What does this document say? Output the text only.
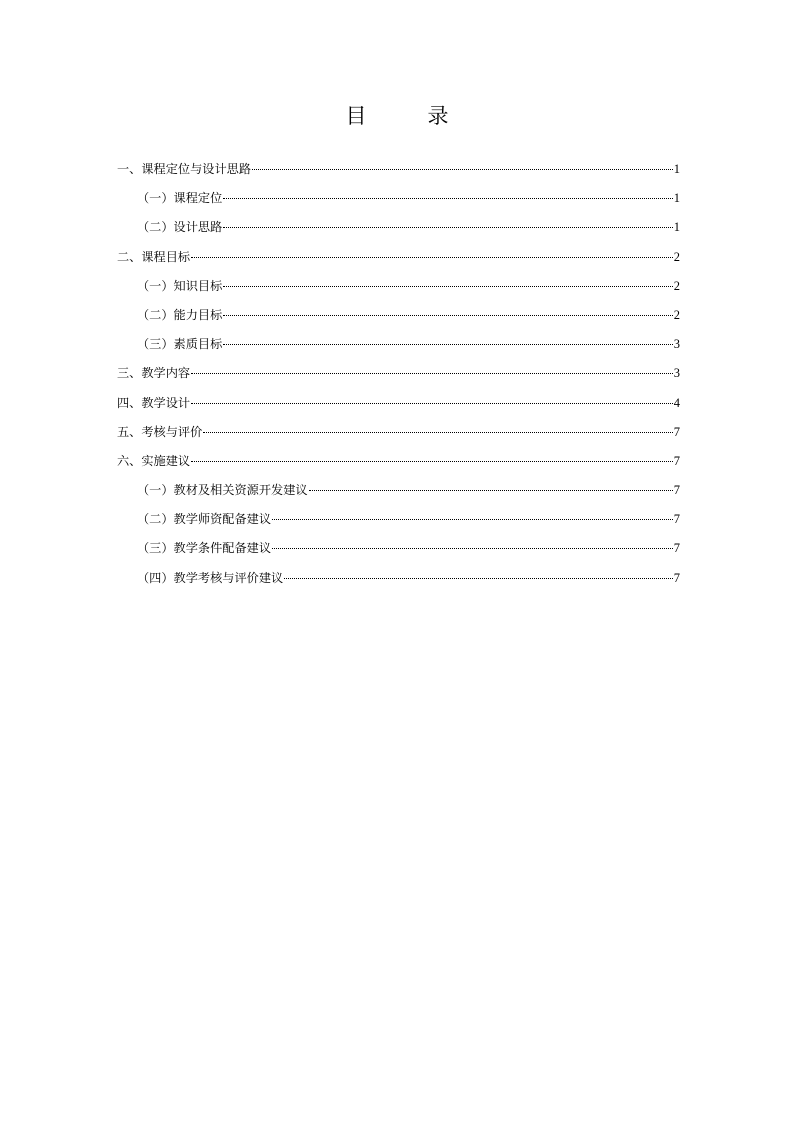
目　录
一、课程定位与设计思路	1
（一）课程定位	1
（二）设计思路	1
二、课程目标	2
（一）知识目标	2
（二）能力目标	2
（三）素质目标	3
三、教学内容	3
四、教学设计	4
五、考核与评价	7
六、实施建议	7
（一）教材及相关资源开发建议	7
（二）教学师资配备建议	7
（三）教学条件配备建议	7
（四）教学考核与评价建议	7
